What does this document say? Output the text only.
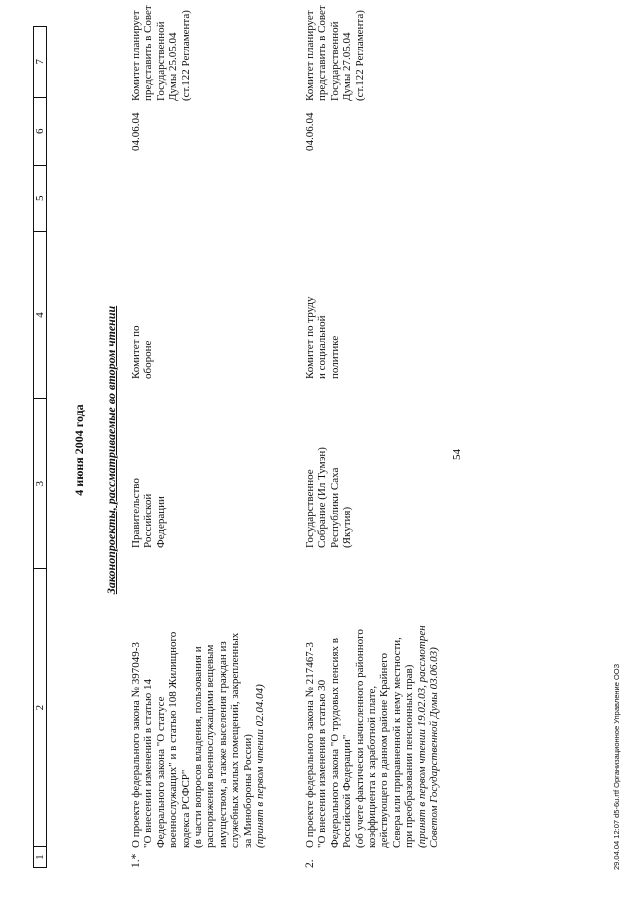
54
1
2
3
4
5
6
7
4 июня 2004 года Законопроекты, рассматриваемые во втором чтении
1.*
О проекте федерального закона № 397049-3
"О внесении изменений в статью 14
Федерального закона "О статусе
военнослужащих" и в статью 108 Жилищного
кодекса РСФСР"
(в части вопросов владения, пользования и
распоряжения военнослужащими вещевым
имуществом, а также выселения граждан из
служебных жилых помещений, закрепленных
за Минобороны России) (принят в первом чтении 02.04.04)
Правительство
Российской
Федерации
Комитет по
обороне
04.06.04
Комитет планирует
представить в Совет
Государственной
Думы 25.05.04
(ст.122 Регламента)
2.
О проекте федерального закона № 217467-3
"О внесении изменения в статью 30
Федерального закона "О трудовых пенсиях в
Российской Федерации"
(об учете фактически начисленного районного
коэффициента к заработной плате,
действующего в данном районе Крайнего
Севера или приравненной к нему местности,
при преобразовании пенсионных прав)
(принят в первом чтении 19.02.03, рассмотрен
Советом Государственной Думы 03.06.03)
Государственное
Собрание (Ил Тумэн)
Республики Саха
(Якутия)
Комитет по труду
и социальной
политике
04.06.04
Комитет планирует
представить в Совет
Государственной
Думы 27.05.04
(ст.122 Регламента)
29.04.04 12:07 d5-6u.rtf Организационное Управление ООЗ
